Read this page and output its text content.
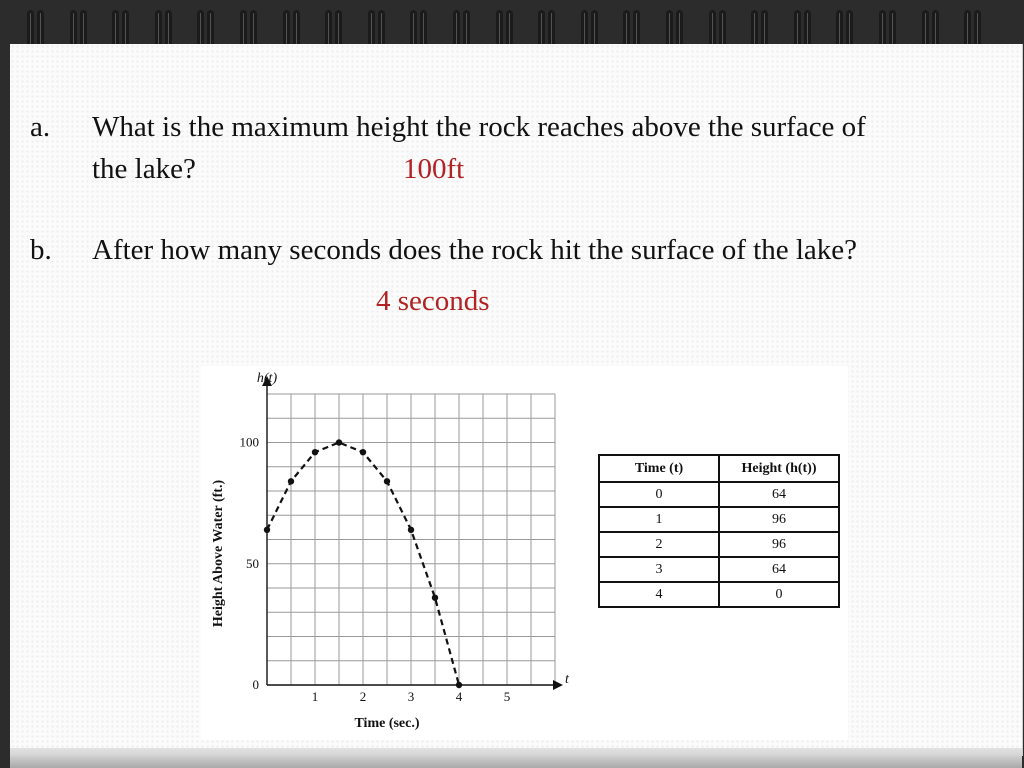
a. What is the maximum height the rock reaches above the surface of

the lake?	100ft

b. After how many seconds does the rock hit the surface of the lake?

4 seconds

1	2	3	4	5
0
50
100
h(t)
t
Time (sec.)
Height Above Water (ft.)
Time (t)	Height (h(t))
0	64
1	96
2	96
3	64
4	0
